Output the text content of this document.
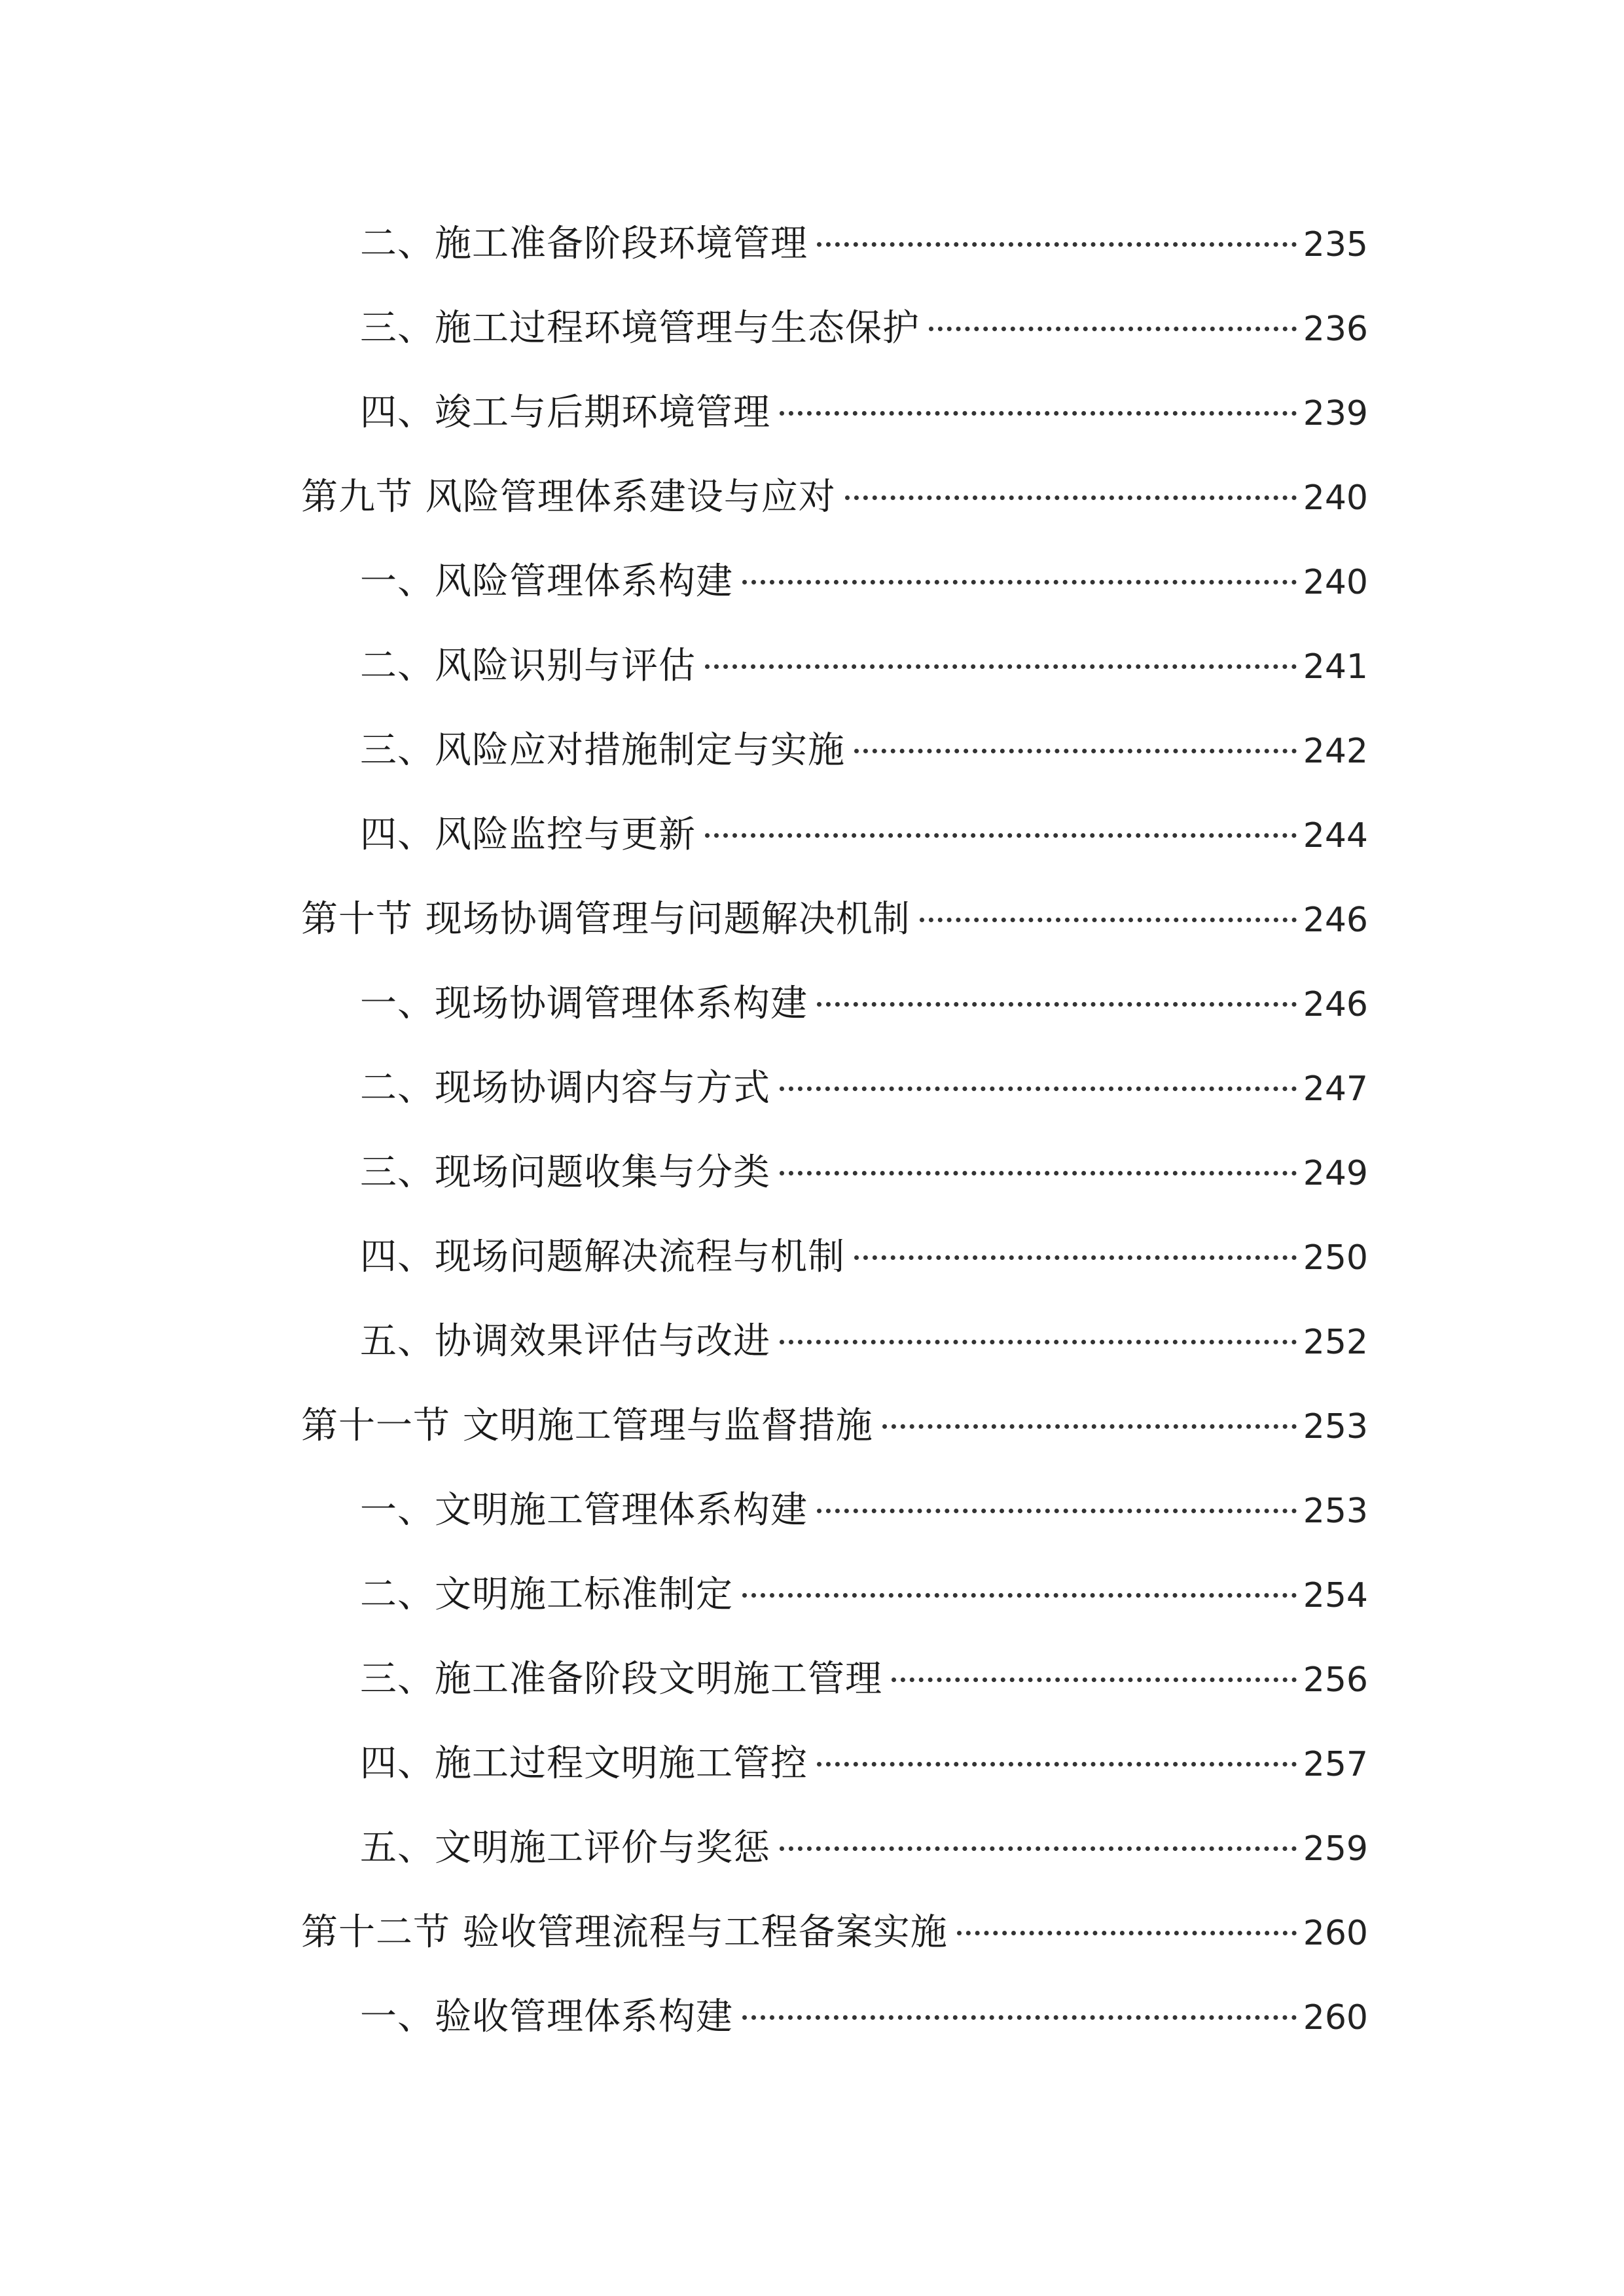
二、施工准备阶段环境管理	235
三、施工过程环境管理与生态保护	236
四、竣工与后期环境管理	239
第九节 风险管理体系建设与应对	240
一、风险管理体系构建	240
二、风险识别与评估	241
三、风险应对措施制定与实施	242
四、风险监控与更新	244
第十节 现场协调管理与问题解决机制	246
一、现场协调管理体系构建	246
二、现场协调内容与方式	247
三、现场问题收集与分类	249
四、现场问题解决流程与机制	250
五、协调效果评估与改进	252
第十一节 文明施工管理与监督措施	253
一、文明施工管理体系构建	253
二、文明施工标准制定	254
三、施工准备阶段文明施工管理	256
四、施工过程文明施工管控	257
五、文明施工评价与奖惩	259
第十二节 验收管理流程与工程备案实施	260
一、验收管理体系构建	260
